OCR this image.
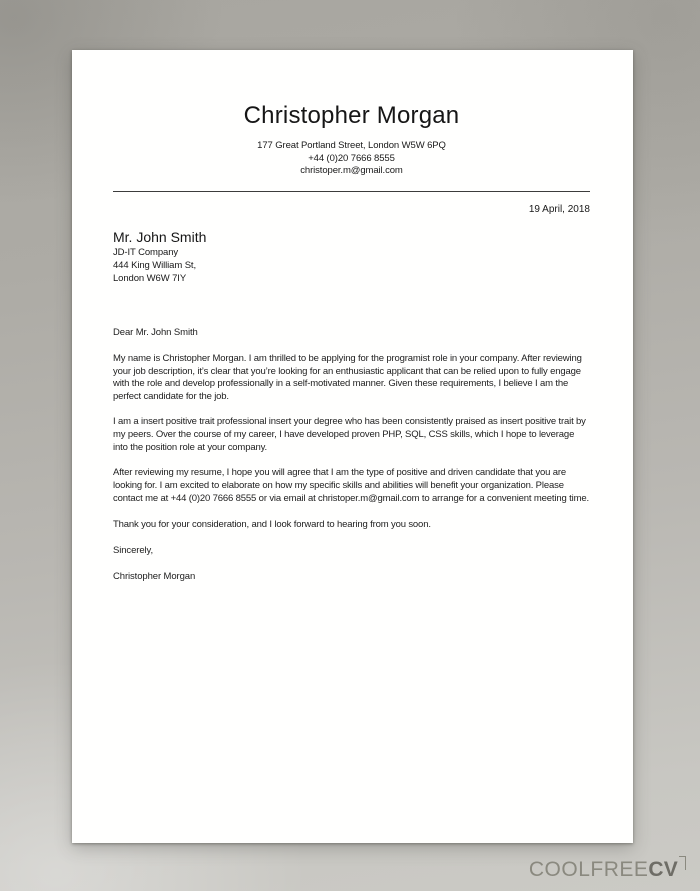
Christopher Morgan
177 Great Portland Street, London W5W 6PQ
+44 (0)20 7666 8555
christoper.m@gmail.com
19 April, 2018
Mr. John Smith
JD-IT Company
444 King William St,
London W6W 7IY
Dear Mr. John Smith

My name is Christopher Morgan. I am thrilled to be applying for the programist role in your company. After reviewing your job description, it’s clear that you’re looking for an enthusiastic applicant that can be relied upon to fully engage with the role and develop professionally in a self-motivated manner. Given these requirements, I believe I am the perfect candidate for the job.

I am a insert positive trait professional insert your degree who has been consistently praised as insert positive trait by my peers. Over the course of my career, I have developed proven PHP, SQL, CSS skills, which I hope to leverage into the position role at your company.

After reviewing my resume, I hope you will agree that I am the type of positive and driven candidate that you are looking for. I am excited to elaborate on how my specific skills and abilities will benefit your organization. Please contact me at +44 (0)20 7666 8555 or via email at christoper.m@gmail.com to arrange for a convenient meeting time.

Thank you for your consideration, and I look forward to hearing from you soon.

Sincerely,
Christopher Morgan
COOLFREECV
